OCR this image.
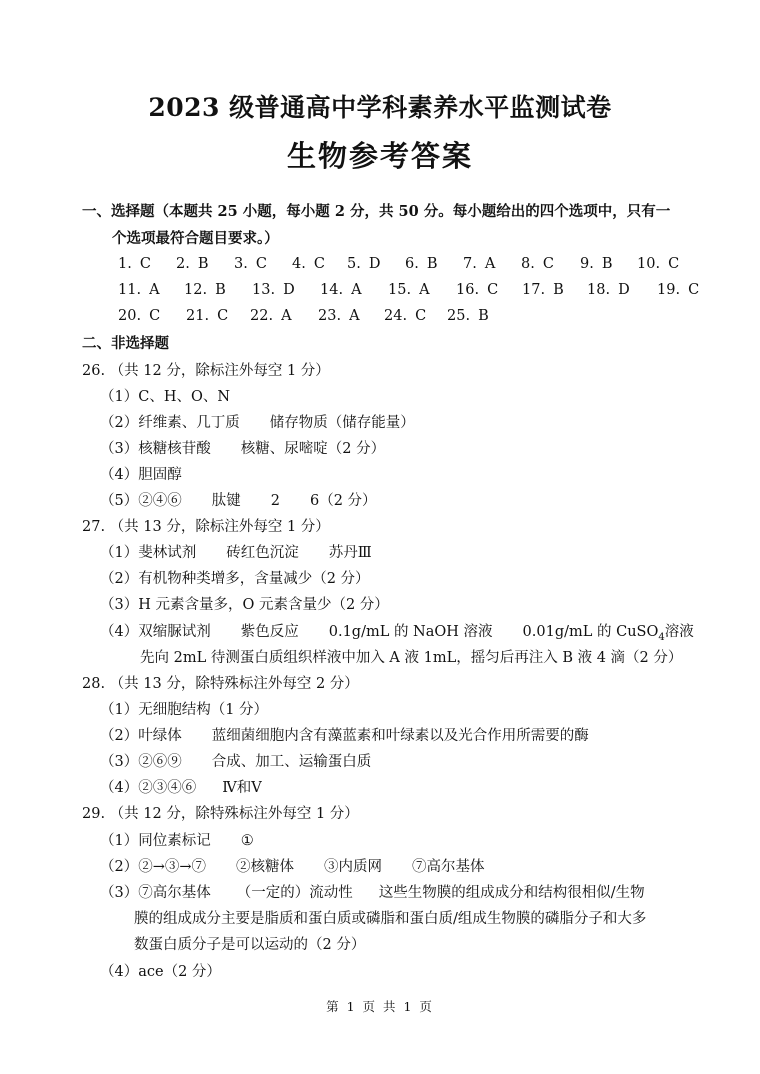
2023 级普通高中学科素养水平监测试卷
生物参考答案
一、选择题（本题共 25 小题，每小题 2 分，共 50 分。每小题给出的四个选项中，只有一
个选项最符合题目要求。）
1. C 2. B 3. C 4. C 5. D 6. B 7. A 8. C 9. B 10. C
11. A 12. B 13. D 14. A 15. A 16. C 17. B 18. D 19. C
20. C 21. C 22. A 23. A 24. C 25. B
二、非选择题
26. （共 12 分，除标注外每空 1 分）
（1）C、H、O、N
（2）纤维素、几丁质 储存物质（储存能量）
（3）核糖核苷酸 核糖、尿嘧啶（2 分）
（4）胆固醇
（5）②④⑥ 肽键 2 6（2 分）
27. （共 13 分，除标注外每空 1 分）
（1）斐林试剂 砖红色沉淀 苏丹Ⅲ
（2）有机物种类增多，含量减少（2 分）
（3）H 元素含量多，O 元素含量少（2 分）
（4）双缩脲试剂 紫色反应 0.1g/mL 的 NaOH 溶液 0.01g/mL 的 CuSO$_4$溶液
先向 2mL 待测蛋白质组织样液中加入 A 液 1mL，摇匀后再注入 B 液 4 滴（2 分）
28. （共 13 分，除特殊标注外每空 2 分）
（1）无细胞结构（1 分）
（2）叶绿体 蓝细菌细胞内含有藻蓝素和叶绿素以及光合作用所需要的酶
（3）②⑥⑨ 合成、加工、运输蛋白质
（4）②③④⑥ Ⅳ和Ⅴ
29. （共 12 分，除特殊标注外每空 1 分）
（1）同位素标记 ①
（2）②→③→⑦ ②核糖体 ③内质网 ⑦高尔基体
（3）⑦高尔基体 （一定的）流动性 这些生物膜的组成成分和结构很相似/生物
膜的组成成分主要是脂质和蛋白质或磷脂和蛋白质/组成生物膜的磷脂分子和大多
数蛋白质分子是可以运动的（2 分）
（4）ace（2 分）
第 1 页 共 1 页
